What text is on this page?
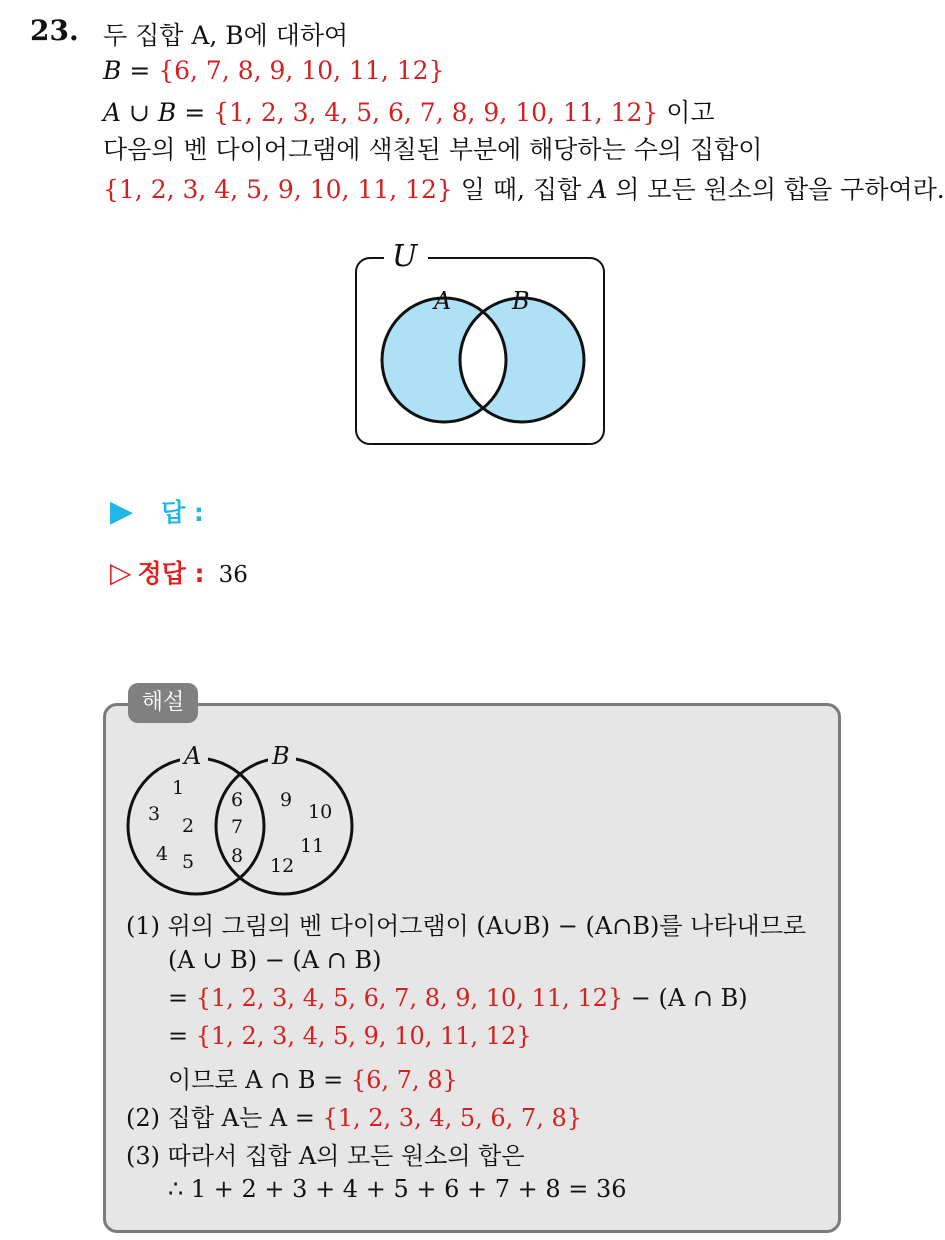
23. 두 집합 A, B에 대하여
B = {6, 7, 8, 9, 10, 11, 12}
A ∪ B = {1, 2, 3, 4, 5, 6, 7, 8, 9, 10, 11, 12} 이고
다음의 벤 다이어그램에 색칠된 부분에 해당하는 수의 집합이
{1, 2, 3, 4, 5, 9, 10, 11, 12} 일 때, 집합 A 의 모든 원소의 합을 구하여라.
U
A	B
▶ 답 :
▷ 정답 : 36
해설
A	B
1
3
2
4 5
6
7
8
9
10
11
12
(1) 위의 그림의 벤 다이어그램이 (A∪B) − (A∩B)를 나타내므로
(A ∪ B) − (A ∩ B)
= {1, 2, 3, 4, 5, 6, 7, 8, 9, 10, 11, 12} − (A ∩ B)
= {1, 2, 3, 4, 5, 9, 10, 11, 12}
이므로 A ∩ B = {6, 7, 8}
(2) 집합 A는 A = {1, 2, 3, 4, 5, 6, 7, 8}
(3) 따라서 집합 A의 모든 원소의 합은
∴ 1 + 2 + 3 + 4 + 5 + 6 + 7 + 8 = 36
